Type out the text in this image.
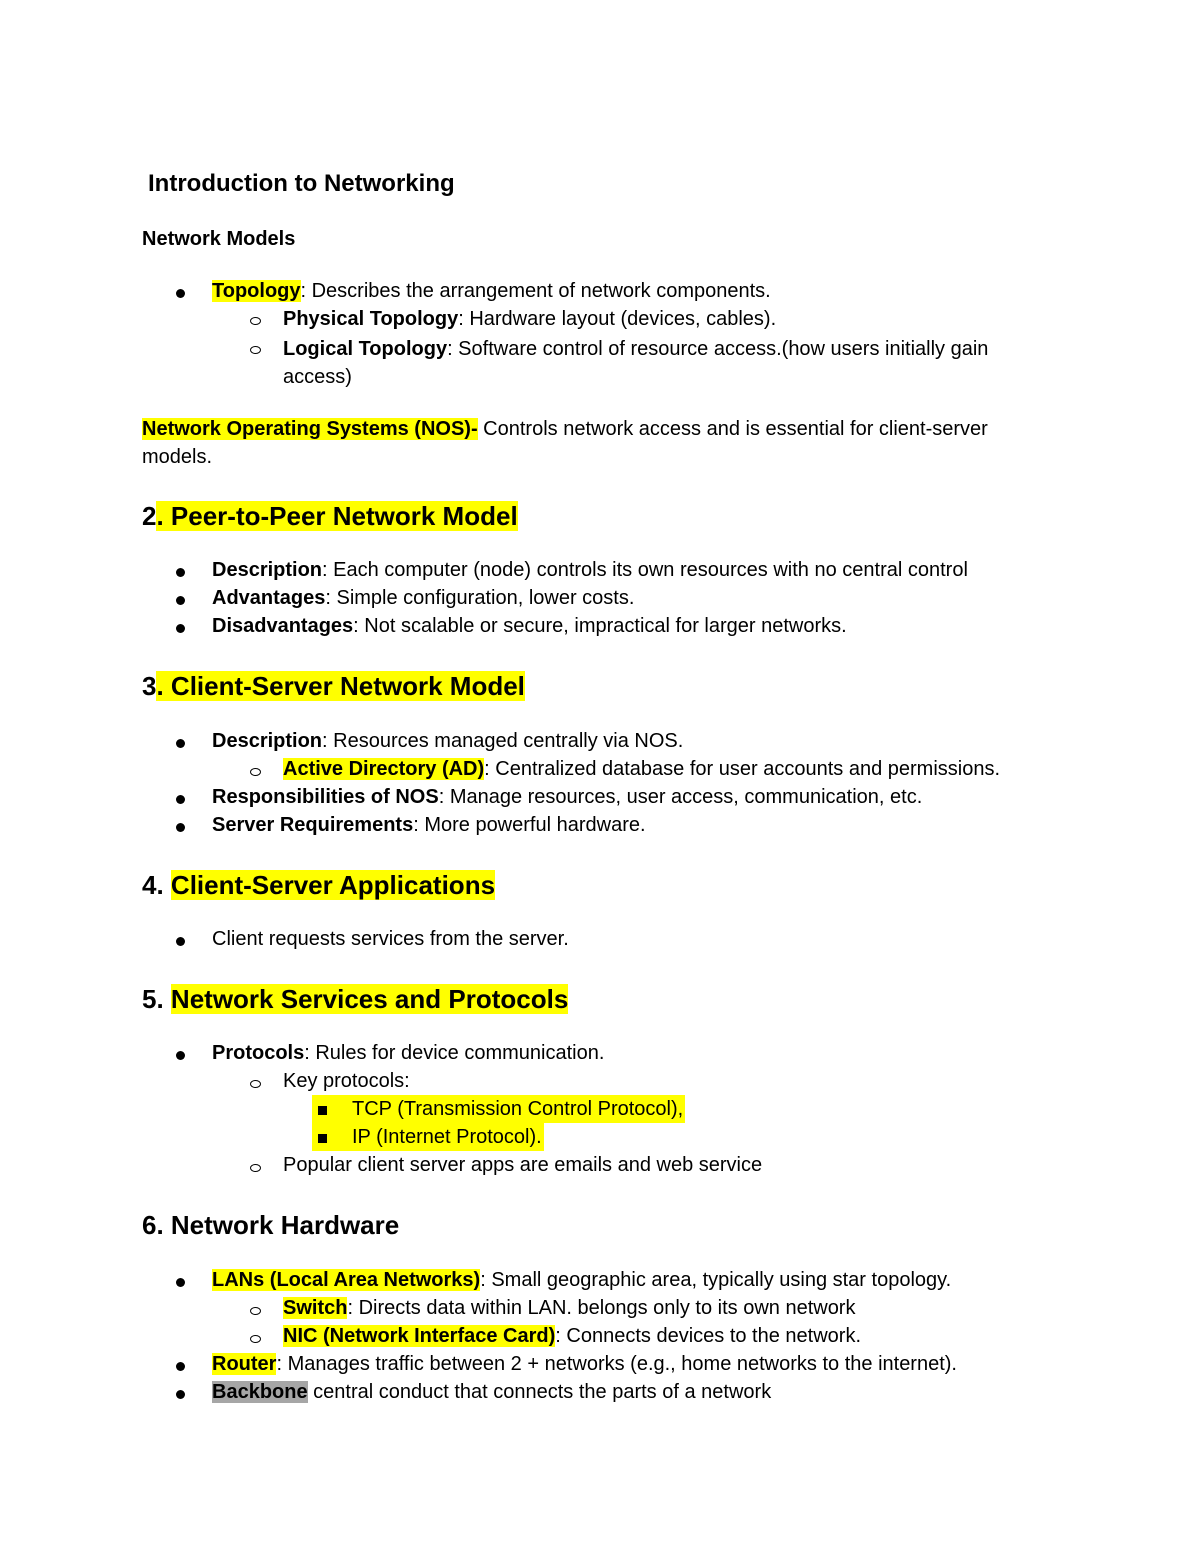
Introduction to Networking
Network Models
Topology: Describes the arrangement of network components.
Physical Topology: Hardware layout (devices, cables).
Logical Topology: Software control of resource access.(how users initially gain
access)
Network Operating Systems (NOS)- Controls network access and is essential for client-server
models.
2. Peer-to-Peer Network Model
Description: Each computer (node) controls its own resources with no central control
Advantages: Simple configuration, lower costs.
Disadvantages: Not scalable or secure, impractical for larger networks.
3. Client-Server Network Model
Description: Resources managed centrally via NOS.
Active Directory (AD): Centralized database for user accounts and permissions.
Responsibilities of NOS: Manage resources, user access, communication, etc.
Server Requirements: More powerful hardware.
4. Client-Server Applications
Client requests services from the server.
5. Network Services and Protocols
Protocols: Rules for device communication.
Key protocols:
TCP (Transmission Control Protocol),
IP (Internet Protocol).
Popular client server apps are emails and web service
6. Network Hardware
LANs (Local Area Networks): Small geographic area, typically using star topology.
Switch: Directs data within LAN. belongs only to its own network
NIC (Network Interface Card): Connects devices to the network.
Router: Manages traffic between 2 + networks (e.g., home networks to the internet).
Backbone central conduct that connects the parts of a network
